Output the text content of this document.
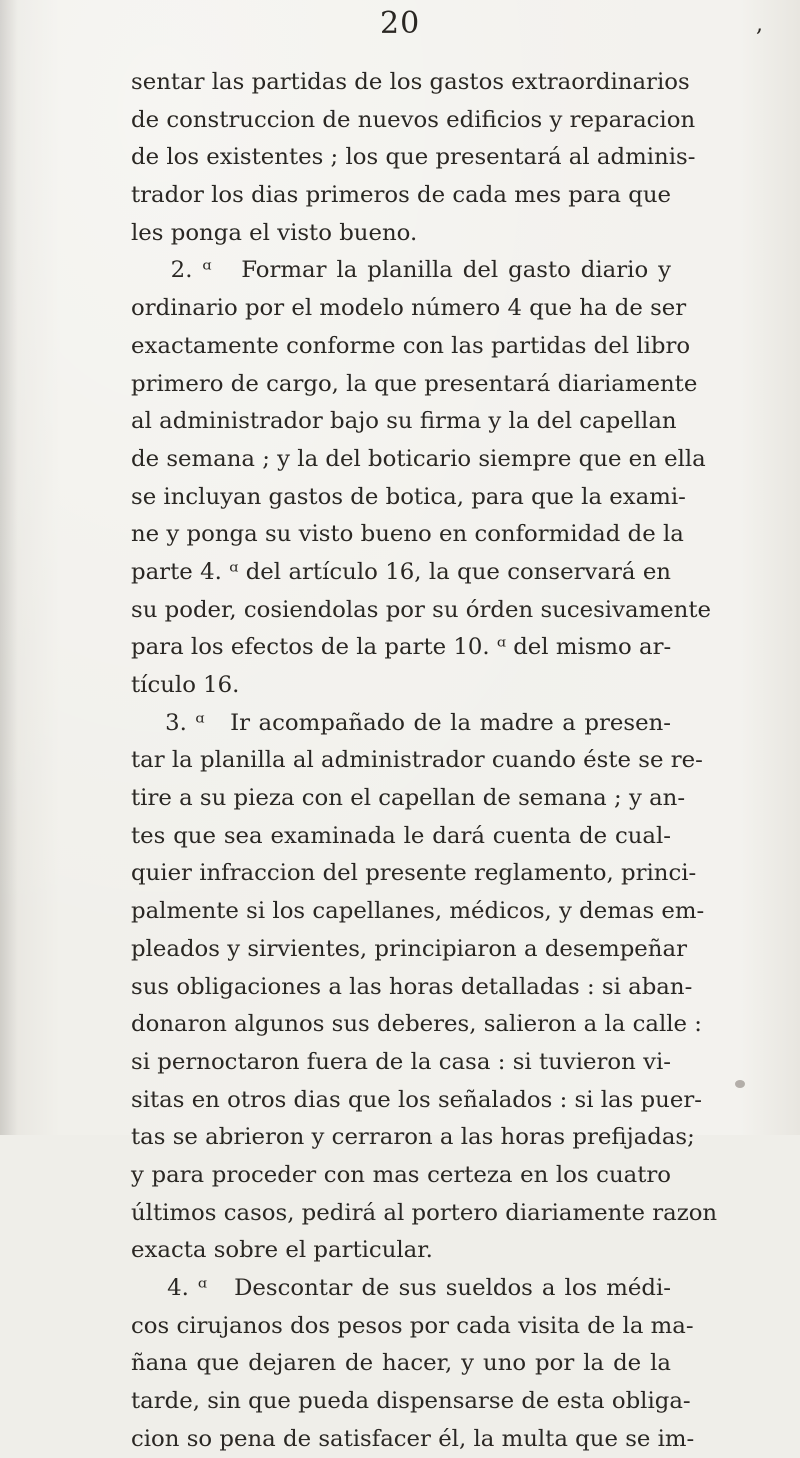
20	,
sentar las partidas de los gastos extraordinarios
de construccion de nuevos edificios y reparacion
de los existentes ; los que presentará al adminis-
trador los dias primeros de cada mes para que
les ponga el visto bueno.
2. ᵅ   Formar la planilla del gasto diario y
ordinario por el modelo número 4 que ha de ser
exactamente conforme con las partidas del libro
primero de cargo, la que presentará diariamente
al administrador bajo su firma y la del capellan
de semana ; y la del boticario siempre que en ella
se incluyan gastos de botica, para que la exami-
ne y ponga su visto bueno en conformidad de la
parte 4. ᵅ del artículo 16, la que conservará en
su poder, cosiendolas por su órden sucesivamente
para los efectos de la parte 10. ᵅ del mismo ar-
tículo 16.
3. ᵅ   Ir acompañado de la madre a presen-
tar la planilla al administrador cuando éste se re-
tire a su pieza con el capellan de semana ; y an-
tes que sea examinada le dará cuenta de cual-
quier infraccion del presente reglamento, princi-
palmente si los capellanes, médicos, y demas em-
pleados y sirvientes, principiaron a desempeñar
sus obligaciones a las horas detalladas : si aban-
donaron algunos sus deberes, salieron a la calle :
si pernoctaron fuera de la casa : si tuvieron vi-
sitas en otros dias que los señalados : si las puer-
tas se abrieron y cerraron a las horas prefijadas;
y para proceder con mas certeza en los cuatro
últimos casos, pedirá al portero diariamente razon
exacta sobre el particular.
4. ᵅ   Descontar de sus sueldos a los médi-
cos cirujanos dos pesos por cada visita de la ma-
ñana que dejaren de hacer, y uno por la de la
tarde, sin que pueda dispensarse de esta obliga-
cion so pena de satisfacer él, la multa que se im-
